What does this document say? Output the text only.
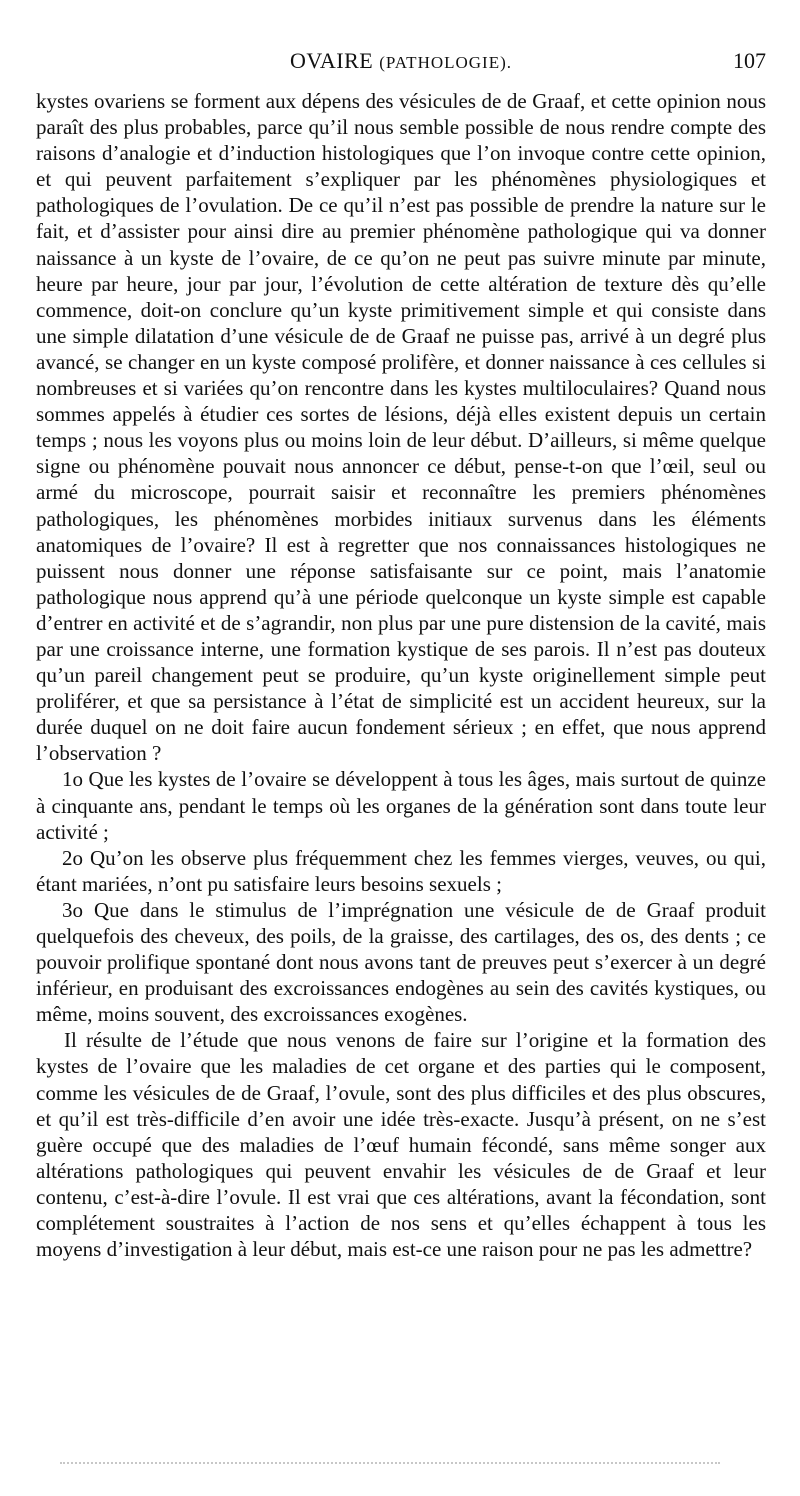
OVAIRE (PATHOLOGIE).	107

kystes ovariens se forment aux dépens des vésicules de de Graaf, et cette opinion nous paraît des plus probables, parce qu’il nous semble possible de nous rendre compte des raisons d’analogie et d’induction histologiques que l’on invoque contre cette opinion, et qui peuvent parfaitement s’expliquer par les phénomènes physiologiques et pathologiques de l’ovulation. De ce qu’il n’est pas possible de prendre la nature sur le fait, et d’assister pour ainsi dire au premier phénomène pathologique qui va donner naissance à un kyste de l’ovaire, de ce qu’on ne peut pas suivre minute par minute, heure par heure, jour par jour, l’évolution de cette altération de texture dès qu’elle commence, doit-on conclure qu’un kyste primitivement simple et qui consiste dans une simple dilatation d’une vésicule de de Graaf ne puisse pas, arrivé à un degré plus avancé, se changer en un kyste composé prolifère, et donner naissance à ces cellules si nombreuses et si variées qu’on rencontre dans les kystes multiloculaires? Quand nous sommes appelés à étudier ces sortes de lésions, déjà elles existent depuis un certain temps ; nous les voyons plus ou moins loin de leur début. D’ailleurs, si même quelque signe ou phénomène pouvait nous annoncer ce début, pense-t-on que l’œil, seul ou armé du microscope, pourrait saisir et reconnaître les premiers phénomènes pathologiques, les phénomènes morbides initiaux survenus dans les éléments anatomiques de l’ovaire? Il est à regretter que nos connaissances histologiques ne puissent nous donner une réponse satisfaisante sur ce point, mais l’anatomie pathologique nous apprend qu’à une période quelconque un kyste simple est capable d’entrer en activité et de s’agrandir, non plus par une pure distension de la cavité, mais par une croissance interne, une formation kystique de ses parois. Il n’est pas douteux qu’un pareil changement peut se produire, qu’un kyste originellement simple peut proliférer, et que sa persistance à l’état de simplicité est un accident heureux, sur la durée duquel on ne doit faire aucun fondement sérieux ; en effet, que nous apprend l’observation ?

1o Que les kystes de l’ovaire se développent à tous les âges, mais surtout de quinze à cinquante ans, pendant le temps où les organes de la génération sont dans toute leur activité ;

2o Qu’on les observe plus fréquemment chez les femmes vierges, veuves, ou qui, étant mariées, n’ont pu satisfaire leurs besoins sexuels ;

3o Que dans le stimulus de l’imprégnation une vésicule de de Graaf produit quelquefois des cheveux, des poils, de la graisse, des cartilages, des os, des dents ; ce pouvoir prolifique spontané dont nous avons tant de preuves peut s’exercer à un degré inférieur, en produisant des excroissances endogènes au sein des cavités kystiques, ou même, moins souvent, des excroissances exogènes.

Il résulte de l’étude que nous venons de faire sur l’origine et la formation des kystes de l’ovaire que les maladies de cet organe et des parties qui le composent, comme les vésicules de de Graaf, l’ovule, sont des plus difficiles et des plus obscures, et qu’il est très-difficile d’en avoir une idée très-exacte. Jusqu’à présent, on ne s’est guère occupé que des maladies de l’œuf humain fécondé, sans même songer aux altérations pathologiques qui peuvent envahir les vésicules de de Graaf et leur contenu, c’est-à-dire l’ovule. Il est vrai que ces altérations, avant la fécondation, sont complétement soustraites à l’action de nos sens et qu’elles échappent à tous les moyens d’investigation à leur début, mais est-ce une raison pour ne pas les admettre?
